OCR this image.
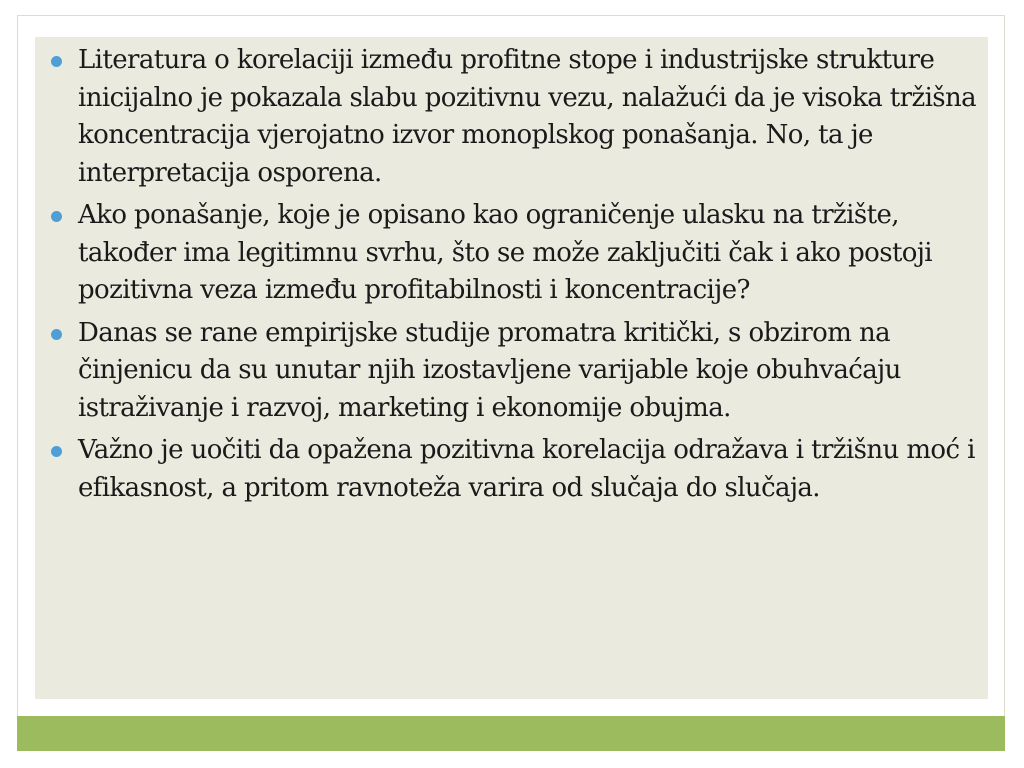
Literatura o korelaciji između profitne stope i industrijske strukture inicijalno je pokazala slabu pozitivnu vezu, nalažući da je visoka tržišna koncentracija vjerojatno izvor monoplskog ponašanja. No, ta je interpretacija osporena.
Ako ponašanje, koje je opisano kao ograničenje ulasku na tržište, također ima legitimnu svrhu, što se može zaključiti čak i ako postoji pozitivna veza između profitabilnosti i koncentracije?
Danas se rane empirijske studije promatra kritički, s obzirom na činjenicu da su unutar njih izostavljene varijable koje obuhvaćaju istraživanje i razvoj, marketing i ekonomije obujma.
Važno je uočiti da opažena pozitivna korelacija odražava i tržišnu moć i efikasnost, a pritom ravnoteža varira od slučaja do slučaja.
